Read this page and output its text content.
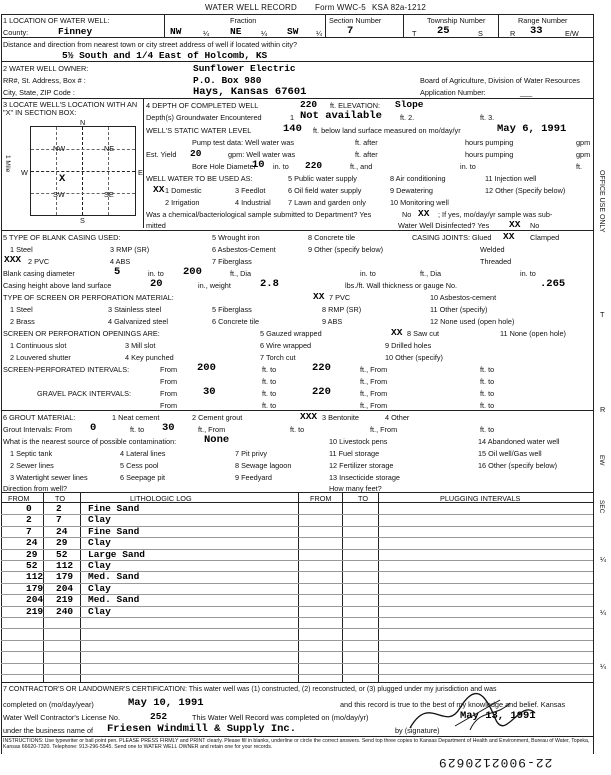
WATER WELL RECORD Form WWC-5 KSA 82a-1212
1 LOCATION OF WATER WELL:
County:	Finney
Fraction
NW	¼ NE	¼ SW ¼
Section Number
7
Township Number
T 25	S
Range Number
R 33	E/W
Distance and direction from nearest town or city street address of well if located within city?
5½ South and 1/4 East of Holcomb, KS
2 WATER WELL OWNER:	Sunflower Electric
RR#, St. Address, Box # :	P.O. Box 980
City, State, ZIP Code :	Hays, Kansas 67601
Board of Agriculture, Division of Water Resources
Application Number:	___
3 LOCATE WELL'S LOCATION WITH AN "X" IN SECTION BOX:
NW	NE
SW	SE
X
N
S
W	E
1 Mile
4 DEPTH OF COMPLETED WELL	220 ft. ELEVATION: Slope
Depth(s) Groundwater Encountered	1 Not available ft. 2.	ft. 3.
WELL'S STATIC WATER LEVEL	140 ft. below land surface measured on mo/day/yr	May 6, 1991
Pump test data: Well water was	ft. after	hours pumping	gpm
Est. Yield 20	gpm: Well water was	ft. after	hours pumping	gpm
Bore Hole Diameter
10 in. to 220	ft., and	in. to	ft.
WELL WATER TO BE USED AS:	5 Public water supply	8 Air conditioning	11 Injection well
XX 1 Domestic	3 Feedlot	6 Oil field water supply	9 Dewatering	12 Other (Specify below)
2 Irrigation	4 Industrial 7 Lawn and garden only	10 Monitoring well
Was a chemical/bacteriological sample submitted to Department? Yes	No XX ; If yes, mo/day/yr sample was sub-
mitted	Water Well Disinfected? Yes XX No
5 TYPE OF BLANK CASING USED:	5 Wrought iron	8 Concrete tile	CASING JOINTS: Glued XX Clamped
1 Steel	3 RMP (SR)	6 Asbestos-Cement	9 Other (specify below)	Welded
XXX 2 PVC	4 ABS	7 Fiberglass	Threaded
Blank casing diameter	5	in. to 200	ft., Dia	in. to	ft., Dia	in. to
Casing height above land surface	20	in., weight	2.8	lbs./ft. Wall thickness or gauge No.	.265
TYPE OF SCREEN OR PERFORATION MATERIAL:	XX 7 PVC	10 Asbestos-cement
1 Steel	3 Stainless steel	5 Fiberglass	8 RMP (SR)	11 Other (specify)
2 Brass	4 Galvanized steel	6 Concrete tile	9 ABS	12 None used (open hole)
SCREEN OR PERFORATION OPENINGS ARE:	5 Gauzed wrapped	XX 8 Saw cut	11 None (open hole)
1 Continuous slot	3 Mill slot	6 Wire wrapped	9 Drilled holes
2 Louvered shutter	4 Key punched	7 Torch cut	10 Other (specify)
SCREEN-PERFORATED INTERVALS:	From 200	ft. to	220	ft., From	ft. to
From	ft. to	ft., From	ft. to
GRAVEL PACK INTERVALS:	From 30	ft. to	220	ft., From	ft. to
From	ft. to	ft., From	ft. to
6 GROUT MATERIAL:	1 Neat cement	2 Cement grout	XXX 3 Bentonite	4 Other
Grout Intervals: From 0	ft. to 30	ft., From	ft. to	ft., From	ft. to
What is the nearest source of possible contamination:	None	10 Livestock pens	14 Abandoned water well
1 Septic tank	4 Lateral lines	7 Pit privy	11 Fuel storage	15 Oil well/Gas well
2 Sewer lines	5 Cess pool	8 Sewage lagoon	12 Fertilizer storage	16 Other (specify below)
3 Watertight sewer lines	6 Seepage pit	9 Feedyard	13 Insecticide storage
Direction from well?	How many feet?
FROM	TO	LITHOLOGIC LOG	FROM	TO	PLUGGING INTERVALS
0	2	Fine Sand
2	7	Clay
7	24 Fine Sand
24 29 Clay
29 52 Large Sand
52 112 Clay
112 179 Med. Sand
179 204 Clay
204 219 Med. Sand
219 240 Clay
7 CONTRACTOR'S OR LANDOWNER'S CERTIFICATION: This water well was (1) constructed, (2) reconstructed, or (3) plugged under my jurisdiction and was
completed on (mo/day/year)	May 10, 1991	and this record is true to the best of my knowledge and belief. Kansas
Water Well Contractor's License No.	252	This Water Well Record was completed on (mo/day/yr)	May 13, 1991
under the business name of Friesen Windmill & Supply Inc.	by (signature)
INSTRUCTIONS: Use typewriter or ball point pen. PLEASE PRESS FIRMLY and PRINT clearly. Please fill in blanks, underline or circle the correct answers. Send top three copies to Kansas Department of Health and Environment, Bureau of Water, Topeka, Kansas 66620-7320. Telephone: 913-296-5545. Send one to WATER WELL OWNER and retain one for your records.
22-9002120629
OFFICE USE ONLY
T
R
EW
SEC
¼
¼
¼
